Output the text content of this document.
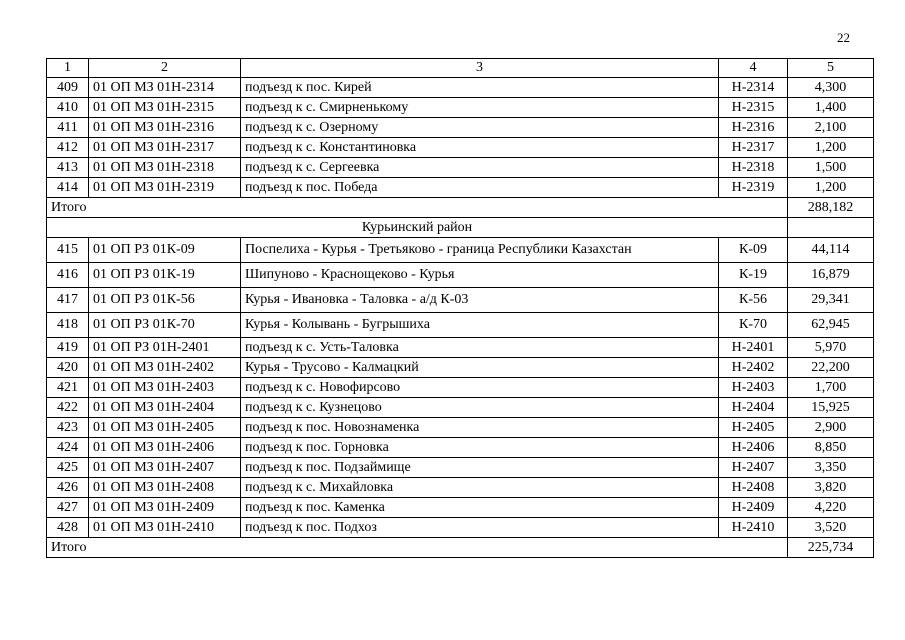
22
1	2	3	4	5
409	01 ОП МЗ 01Н-2314	подъезд к пос. Кирей	Н-2314	4,300
410	01 ОП МЗ 01Н-2315	подъезд к с. Смирненькому	Н-2315	1,400
411	01 ОП МЗ 01Н-2316	подъезд к с. Озерному	Н-2316	2,100
412	01 ОП МЗ 01Н-2317	подъезд к с. Константиновка	Н-2317	1,200
413	01 ОП МЗ 01Н-2318	подъезд к с. Сергеевка	Н-2318	1,500
414	01 ОП МЗ 01Н-2319	подъезд к пос. Победа	Н-2319	1,200
Итого				288,182
Курьинский район				
415	01 ОП РЗ 01К-09	Поспелиха - Курья - Третьяково - граница Республики Казахстан	К-09	44,114
416	01 ОП РЗ 01К-19	Шипуново - Краснощеково - Курья	К-19	16,879
417	01 ОП РЗ 01К-56	Курья - Ивановка - Таловка - а/д К-03	К-56	29,341
418	01 ОП РЗ 01К-70	Курья - Колывань - Бугрышиха	К-70	62,945
419	01 ОП РЗ 01Н-2401	подъезд к с. Усть-Таловка	Н-2401	5,970
420	01 ОП МЗ 01Н-2402	Курья - Трусово - Калмацкий	Н-2402	22,200
421	01 ОП МЗ 01Н-2403	подъезд к с. Новофирсово	Н-2403	1,700
422	01 ОП МЗ 01Н-2404	подъезд к с. Кузнецово	Н-2404	15,925
423	01 ОП МЗ 01Н-2405	подъезд к пос. Новознаменка	Н-2405	2,900
424	01 ОП МЗ 01Н-2406	подъезд к пос. Горновка	Н-2406	8,850
425	01 ОП МЗ 01Н-2407	подъезд к пос. Подзаймище	Н-2407	3,350
426	01 ОП МЗ 01Н-2408	подъезд к с. Михайловка	Н-2408	3,820
427	01 ОП МЗ 01Н-2409	подъезд к пос. Каменка	Н-2409	4,220
428	01 ОП МЗ 01Н-2410	подъезд к пос. Подхоз	Н-2410	3,520
Итого				225,734
